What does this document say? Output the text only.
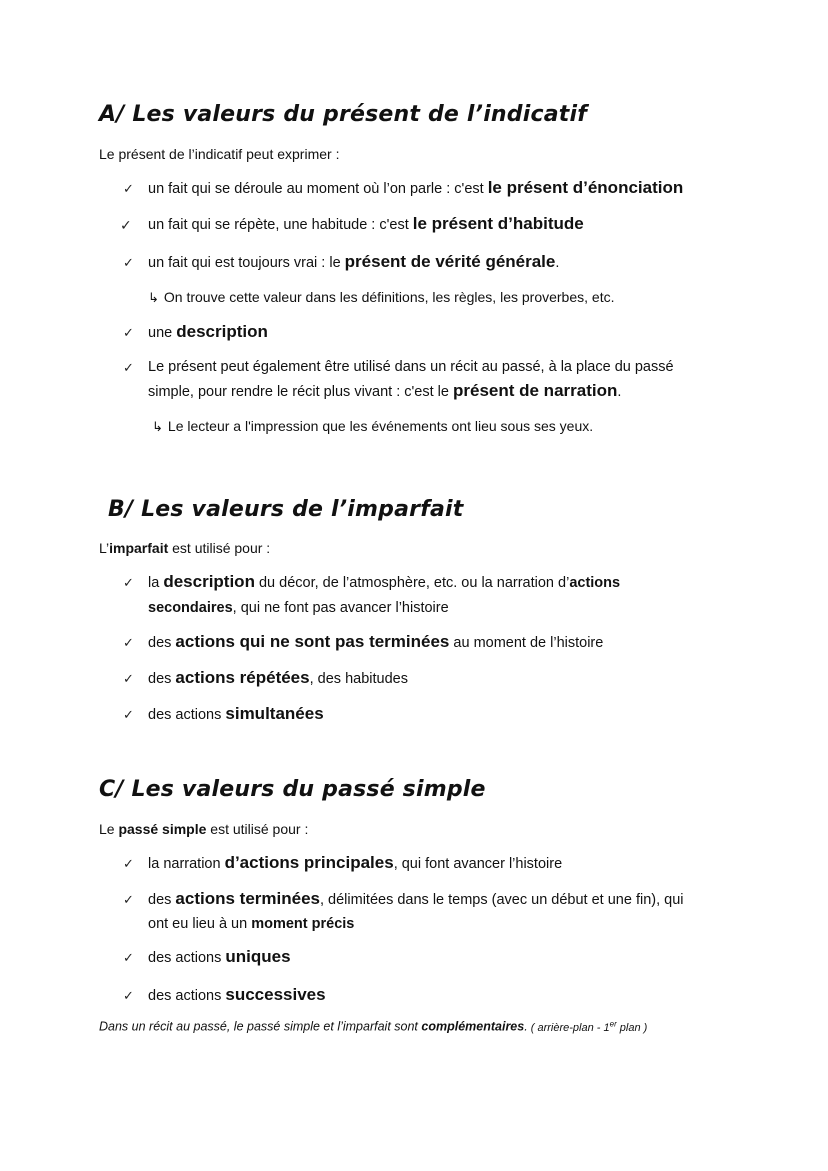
A/ Les valeurs du présent de l’indicatif
Le présent de l’indicatif peut exprimer :
✓ un fait qui se déroule au moment où l’on parle : c'est le présent d’énonciation
✓ un fait qui se répète, une habitude : c'est le présent d’habitude
✓ un fait qui est toujours vrai : le présent de vérité générale.
↳ On trouve cette valeur dans les définitions, les règles, les proverbes, etc.
✓ une description
✓ Le présent peut également être utilisé dans un récit au passé, à la place du passé
simple, pour rendre le récit plus vivant : c'est le présent de narration.
↳ Le lecteur a l'impression que les événements ont lieu sous ses yeux.
B/ Les valeurs de l’imparfait
L’imparfait est utilisé pour :
✓ la description du décor, de l’atmosphère, etc. ou la narration d’actions
secondaires, qui ne font pas avancer l’histoire
✓ des actions qui ne sont pas terminées au moment de l’histoire
✓ des actions répétées, des habitudes
✓ des actions simultanées
C/ Les valeurs du passé simple
Le passé simple est utilisé pour :
✓ la narration d’actions principales, qui font avancer l’histoire
✓ des actions terminées, délimitées dans le temps (avec un début et une fin), qui
ont eu lieu à un moment précis
✓ des actions uniques
✓ des actions successives
Dans un récit au passé, le passé simple et l’imparfait sont complémentaires. ( arrière-plan - 1er plan )
